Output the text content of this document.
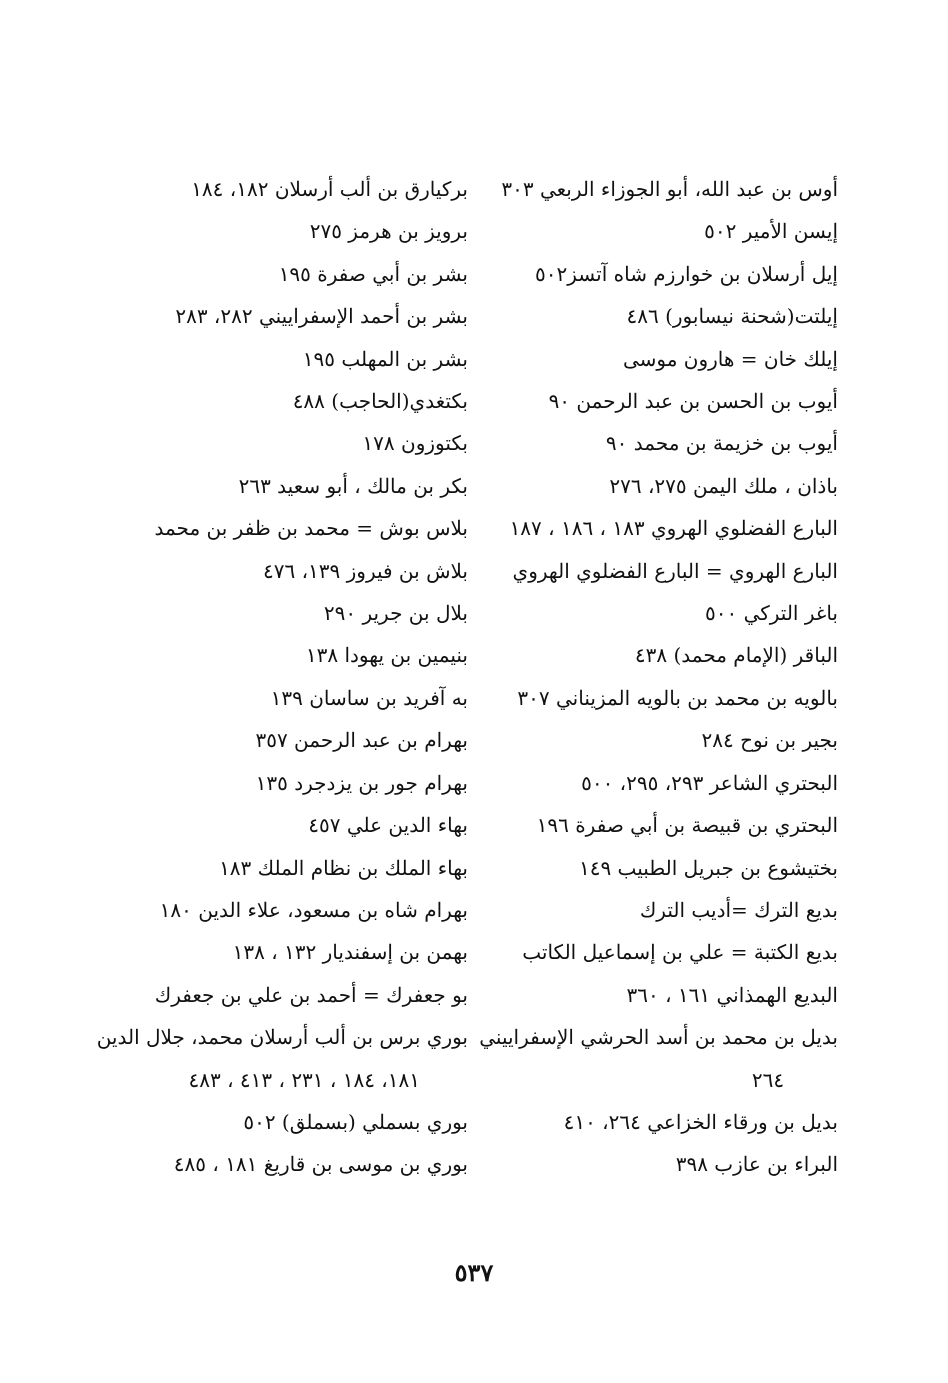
أوس بن عبد الله، أبو الجوزاء الربعي ٣٠٣
إيسن الأمير ٥٠٢
إيل أرسلان بن خوارزم شاه آتسز٥٠٢
إيلتت(شحنة نيسابور) ٤٨٦
إيلك خان = هارون موسى
أيوب بن الحسن بن عبد الرحمن ٩٠
أيوب بن خزيمة بن محمد ٩٠
باذان ، ملك اليمن ٢٧٥، ٢٧٦
البارع الفضلوي الهروي ١٨٣ ، ١٨٦ ، ١٨٧
البارع الهروي = البارع الفضلوي الهروي
باغر التركي ٥٠٠
الباقر (الإمام محمد) ٤٣٨
بالويه بن محمد بن بالويه المزيناني ٣٠٧
بجير بن نوح ٢٨٤
البحتري الشاعر ٢٩٣، ٢٩٥، ٥٠٠
البحتري بن قبيصة بن أبي صفرة ١٩٦
بختيشوع بن جبريل الطبيب ١٤٩
بديع الترك =أديب الترك
بديع الكتبة = علي بن إسماعيل الكاتب
البديع الهمذاني ١٦١ ، ٣٦٠
بديل بن محمد بن أسد الحرشي الإسفراييني
٢٦٤
بديل بن ورقاء الخزاعي ٢٦٤، ٤١٠
البراء بن عازب ٣٩٨
بركيارق بن ألب أرسلان ١٨٢، ١٨٤
برويز بن هرمز ٢٧٥
بشر بن أبي صفرة ١٩٥
بشر بن أحمد الإسفراييني ٢٨٢، ٢٨٣
بشر بن المهلب ١٩٥
بكتغدي(الحاجب) ٤٨٨
بكتوزون ١٧٨
بكر بن مالك ، أبو سعيد ٢٦٣
بلاس بوش = محمد بن ظفر بن محمد
بلاش بن فيروز ١٣٩، ٤٧٦
بلال بن جرير ٢٩٠
بنيمين بن يهودا ١٣٨
به آفريد بن ساسان ١٣٩
بهرام بن عبد الرحمن ٣٥٧
بهرام جور بن يزدجرد ١٣٥
بهاء الدين علي ٤٥٧
بهاء الملك بن نظام الملك ١٨٣
بهرام شاه بن مسعود، علاء الدين ١٨٠
بهمن بن إسفنديار ١٣٢ ، ١٣٨
بو جعفرك = أحمد بن علي بن جعفرك
بوري برس بن ألب أرسلان محمد، جلال الدين
١٨١، ١٨٤ ، ٢٣١ ، ٤١٣ ، ٤٨٣
بوري بسملي (بسملق) ٥٠٢
بوري بن موسى بن قاريغ ١٨١ ، ٤٨٥
٥٣٧
